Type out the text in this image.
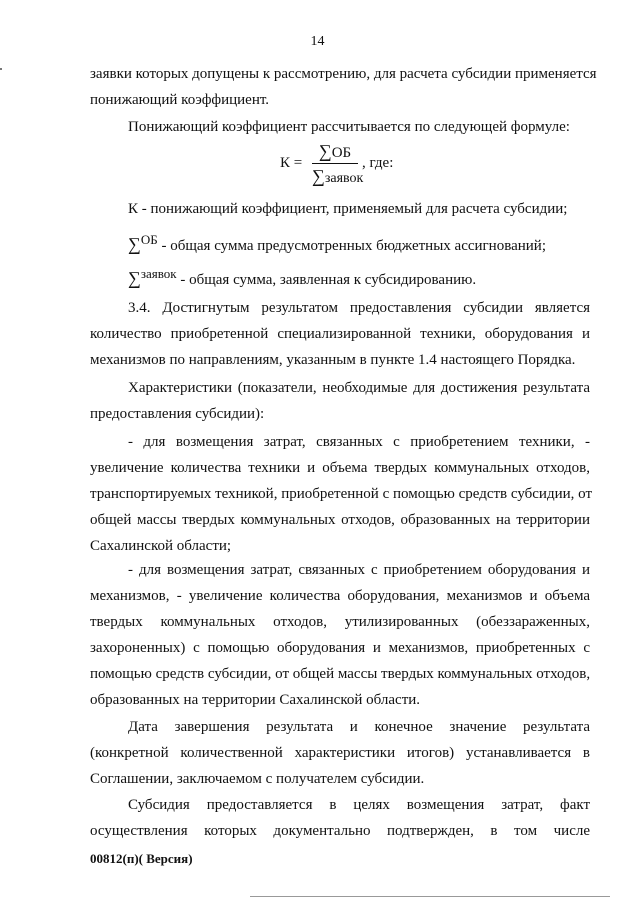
14
заявки которых допущены к рассмотрению, для расчета субсидии применяется
понижающий коэффициент.
Понижающий коэффициент рассчитывается по следующей формуле:
К =
∑ОБ
∑заявок
, где:
К - понижающий коэффициент, применяемый для расчета субсидии;
∑ОБ - общая сумма предусмотренных бюджетных ассигнований;
∑заявок - общая сумма, заявленная к субсидированию.
3.4. Достигнутым результатом предоставления субсидии является
количество приобретенной специализированной техники, оборудования и
механизмов по направлениям, указанным в пункте 1.4 настоящего Порядка.
Характеристики (показатели, необходимые для достижения результата
предоставления субсидии):
- для возмещения затрат, связанных с приобретением техники, -
увеличение количества техники и объема твердых коммунальных отходов,
транспортируемых техникой, приобретенной с помощью средств субсидии, от
общей массы твердых коммунальных отходов, образованных на территории
Сахалинской области;
- для возмещения затрат, связанных с приобретением оборудования и
механизмов, - увеличение количества оборудования, механизмов и объема
твердых коммунальных отходов, утилизированных (обеззараженных,
захороненных) с помощью оборудования и механизмов, приобретенных с
помощью средств субсидии, от общей массы твердых коммунальных отходов,
образованных на территории Сахалинской области.
Дата завершения результата и конечное значение результата
(конкретной количественной характеристики итогов) устанавливается в
Соглашении, заключаемом с получателем субсидии.
Субсидия предоставляется в целях возмещения затрат, факт
осуществления которых документально подтвержден, в том числе
00812(п)( Версия)
